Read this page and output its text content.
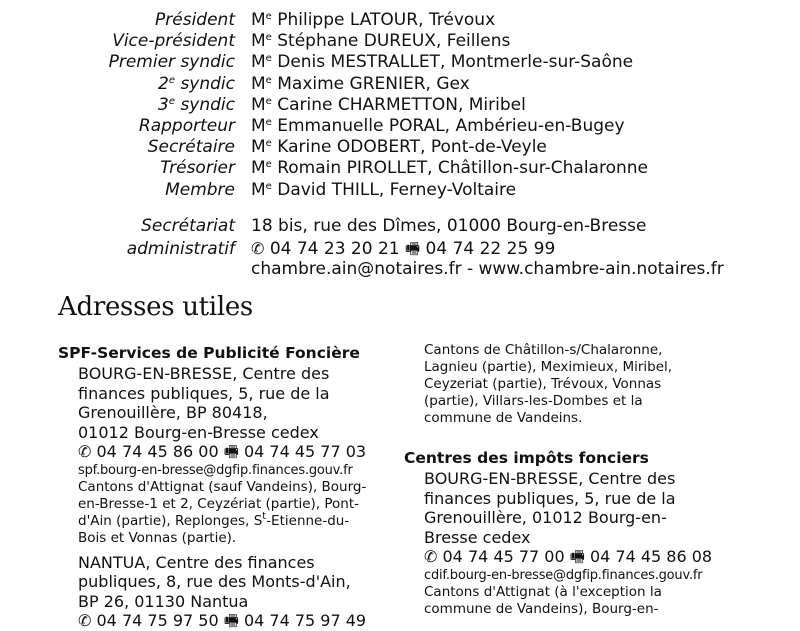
Président Me Philippe LATOUR, Trévoux
Vice-président Me Stéphane DUREUX, Feillens
Premier syndic Me Denis MESTRALLET, Montmerle-sur-Saône
2e syndic Me Maxime GRENIER, Gex
3e syndic Me Carine CHARMETTON, Miribel
Rapporteur Me Emmanuelle PORAL, Ambérieu-en-Bugey
Secrétaire Me Karine ODOBERT, Pont-de-Veyle
Trésorier Me Romain PIROLLET, Châtillon-sur-Chalaronne
Membre Me David THILL, Ferney-Voltaire
Secrétariat 18 bis, rue des Dîmes, 01000 Bourg-en-Bresse
administratif ✆ 04 74 23 20 21 🖷 04 74 22 25 99
chambre.ain@notaires.fr - www.chambre-ain.notaires.fr
Adresses utiles
SPF-Services de Publicité Foncière
BOURG-EN-BRESSE, Centre des
finances publiques, 5, rue de la
Grenouillère, BP 80418,
01012 Bourg-en-Bresse cedex
✆ 04 74 45 86 00 🖷 04 74 45 77 03
spf.bourg-en-bresse@dgfip.finances.gouv.fr
Cantons d'Attignat (sauf Vandeins), Bourg-
en-Bresse-1 et 2, Ceyzériat (partie), Pont-
d'Ain (partie), Replonges, $S^t-Etienne-du-$
Bois et Vonnas (partie).
NANTUA, Centre des finances
publiques, 8, rue des Monts-d'Ain,
BP 26, 01130 Nantua
✆ 04 74 75 97 50 🖷 04 74 75 97 49
Cantons de Châtillon-s/Chalaronne,
Lagnieu (partie), Meximieux, Miribel,
Ceyzeriat (partie), Trévoux, Vonnas
(partie), Villars-les-Dombes et la
commune de Vandeins.
Centres des impôts fonciers
BOURG-EN-BRESSE, Centre des
finances publiques, 5, rue de la
Grenouillère, 01012 Bourg-en-
Bresse cedex
✆ 04 74 45 77 00 🖷 04 74 45 86 08
cdif.bourg-en-bresse@dgfip.finances.gouv.fr
Cantons d'Attignat (à l'exception la
commune de Vandeins), Bourg-en-
